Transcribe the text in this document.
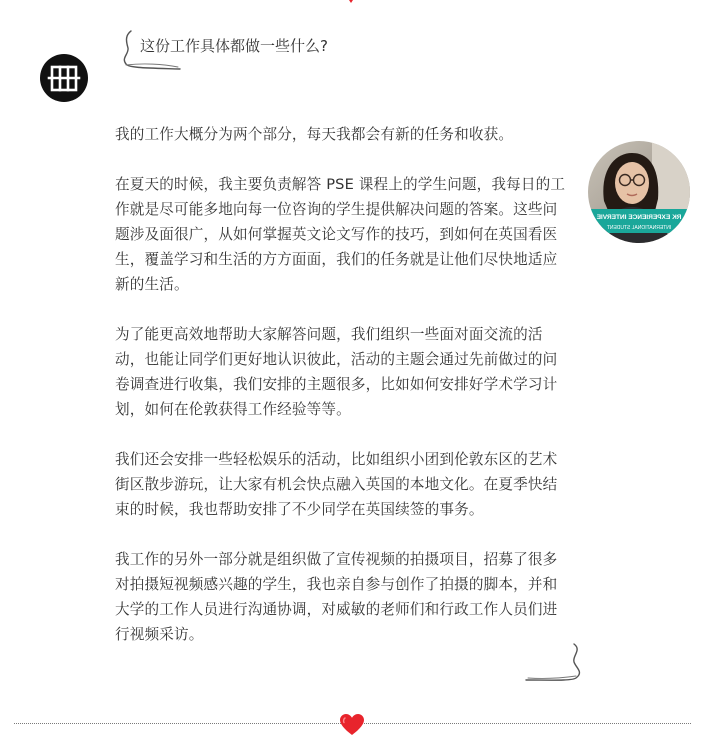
这份工作具体都做一些什么?
RK EXPERIENCE INTERVIE
INTERNATIONAL STUDENT

我的工作大概分为两个部分，每天我都会有新的任务和收获。

在夏天的时候，我主要负责解答 PSE 课程上的学生问题，我每日的工作就是尽可能多地向每一位咨询的学生提供解决问题的答案。这些问题涉及面很广，从如何掌握英文论文写作的技巧，到如何在英国看医生，覆盖学习和生活的方方面面，我们的任务就是让他们尽快地适应新的生活。

为了能更高效地帮助大家解答问题，我们组织一些面对面交流的活动，也能让同学们更好地认识彼此，活动的主题会通过先前做过的问卷调查进行收集，我们安排的主题很多，比如如何安排好学术学习计划，如何在伦敦获得工作经验等等。

我们还会安排一些轻松娱乐的活动，比如组织小团到伦敦东区的艺术街区散步游玩，让大家有机会快点融入英国的本地文化。在夏季快结束的时候，我也帮助安排了不少同学在英国续签的事务。

我工作的另外一部分就是组织做了宣传视频的拍摄项目，招募了很多对拍摄短视频感兴趣的学生，我也亲自参与创作了拍摄的脚本，并和大学的工作人员进行沟通协调，对威敏的老师们和行政工作人员们进行视频采访。
